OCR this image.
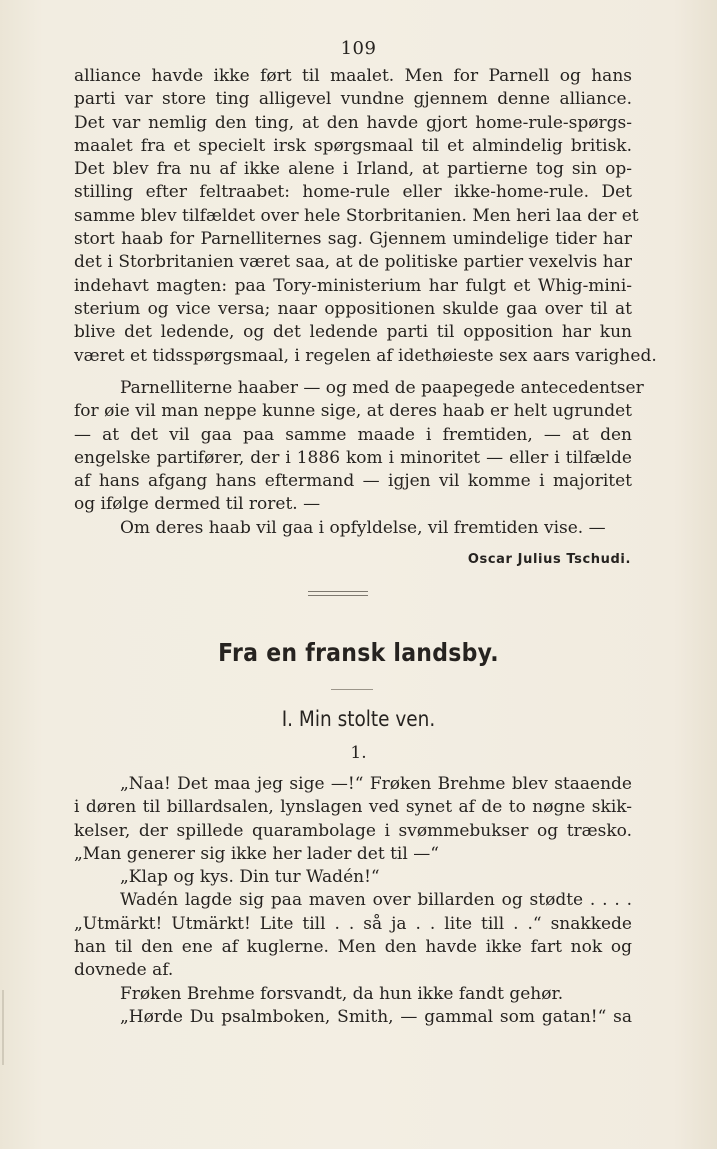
109
alliance havde ikke ført til maalet. Men for Parnell og hans
parti var store ting alligevel vundne gjennem denne alliance.
Det var nemlig den ting, at den havde gjort home-rule-spørgs-
maalet fra et specielt irsk spørgsmaal til et almindelig britisk.
Det blev fra nu af ikke alene i Irland, at partierne tog sin op-
stilling efter feltraabet: home-rule eller ikke-home-rule. Det
samme blev tilfældet over hele Storbritanien. Men heri laa der et
stort haab for Parnelliternes sag. Gjennem umindelige tider har
det i Storbritanien været saa, at de politiske partier vexelvis har
indehavt magten: paa Tory-ministerium har fulgt et Whig-mini-
sterium og vice versa; naar oppositionen skulde gaa over til at
blive det ledende, og det ledende parti til opposition har kun
været et tidsspørgsmaal, i regelen af idethøieste sex aars varighed.
Parnelliterne haaber — og med de paapegede antecedentser
for øie vil man neppe kunne sige, at deres haab er helt ugrundet
— at det vil gaa paa samme maade i fremtiden, — at den
engelske partifører, der i 1886 kom i minoritet — eller i tilfælde
af hans afgang hans eftermand — igjen vil komme i majoritet
og ifølge dermed til roret. —
Om deres haab vil gaa i opfyldelse, vil fremtiden vise. —
Oscar Julius Tschudi.
Fra en fransk landsby.
I. Min stolte ven.
1.
„Naa! Det maa jeg sige —!“ Frøken Brehme blev staaende
i døren til billardsalen, lynslagen ved synet af de to nøgne skik-
kelser, der spillede quarambolage i svømmebukser og træsko.
„Man generer sig ikke her lader det til —“
„Klap og kys. Din tur Wadén!“
Wadén lagde sig paa maven over billarden og stødte . . . .
„Utmärkt! Utmärkt! Lite till . . så ja . . lite till . .“ snakkede
han til den ene af kuglerne. Men den havde ikke fart nok og
dovnede af.
Frøken Brehme forsvandt, da hun ikke fandt gehør.
„Hørde Du psalmboken, Smith, — gammal som gatan!“ sa
